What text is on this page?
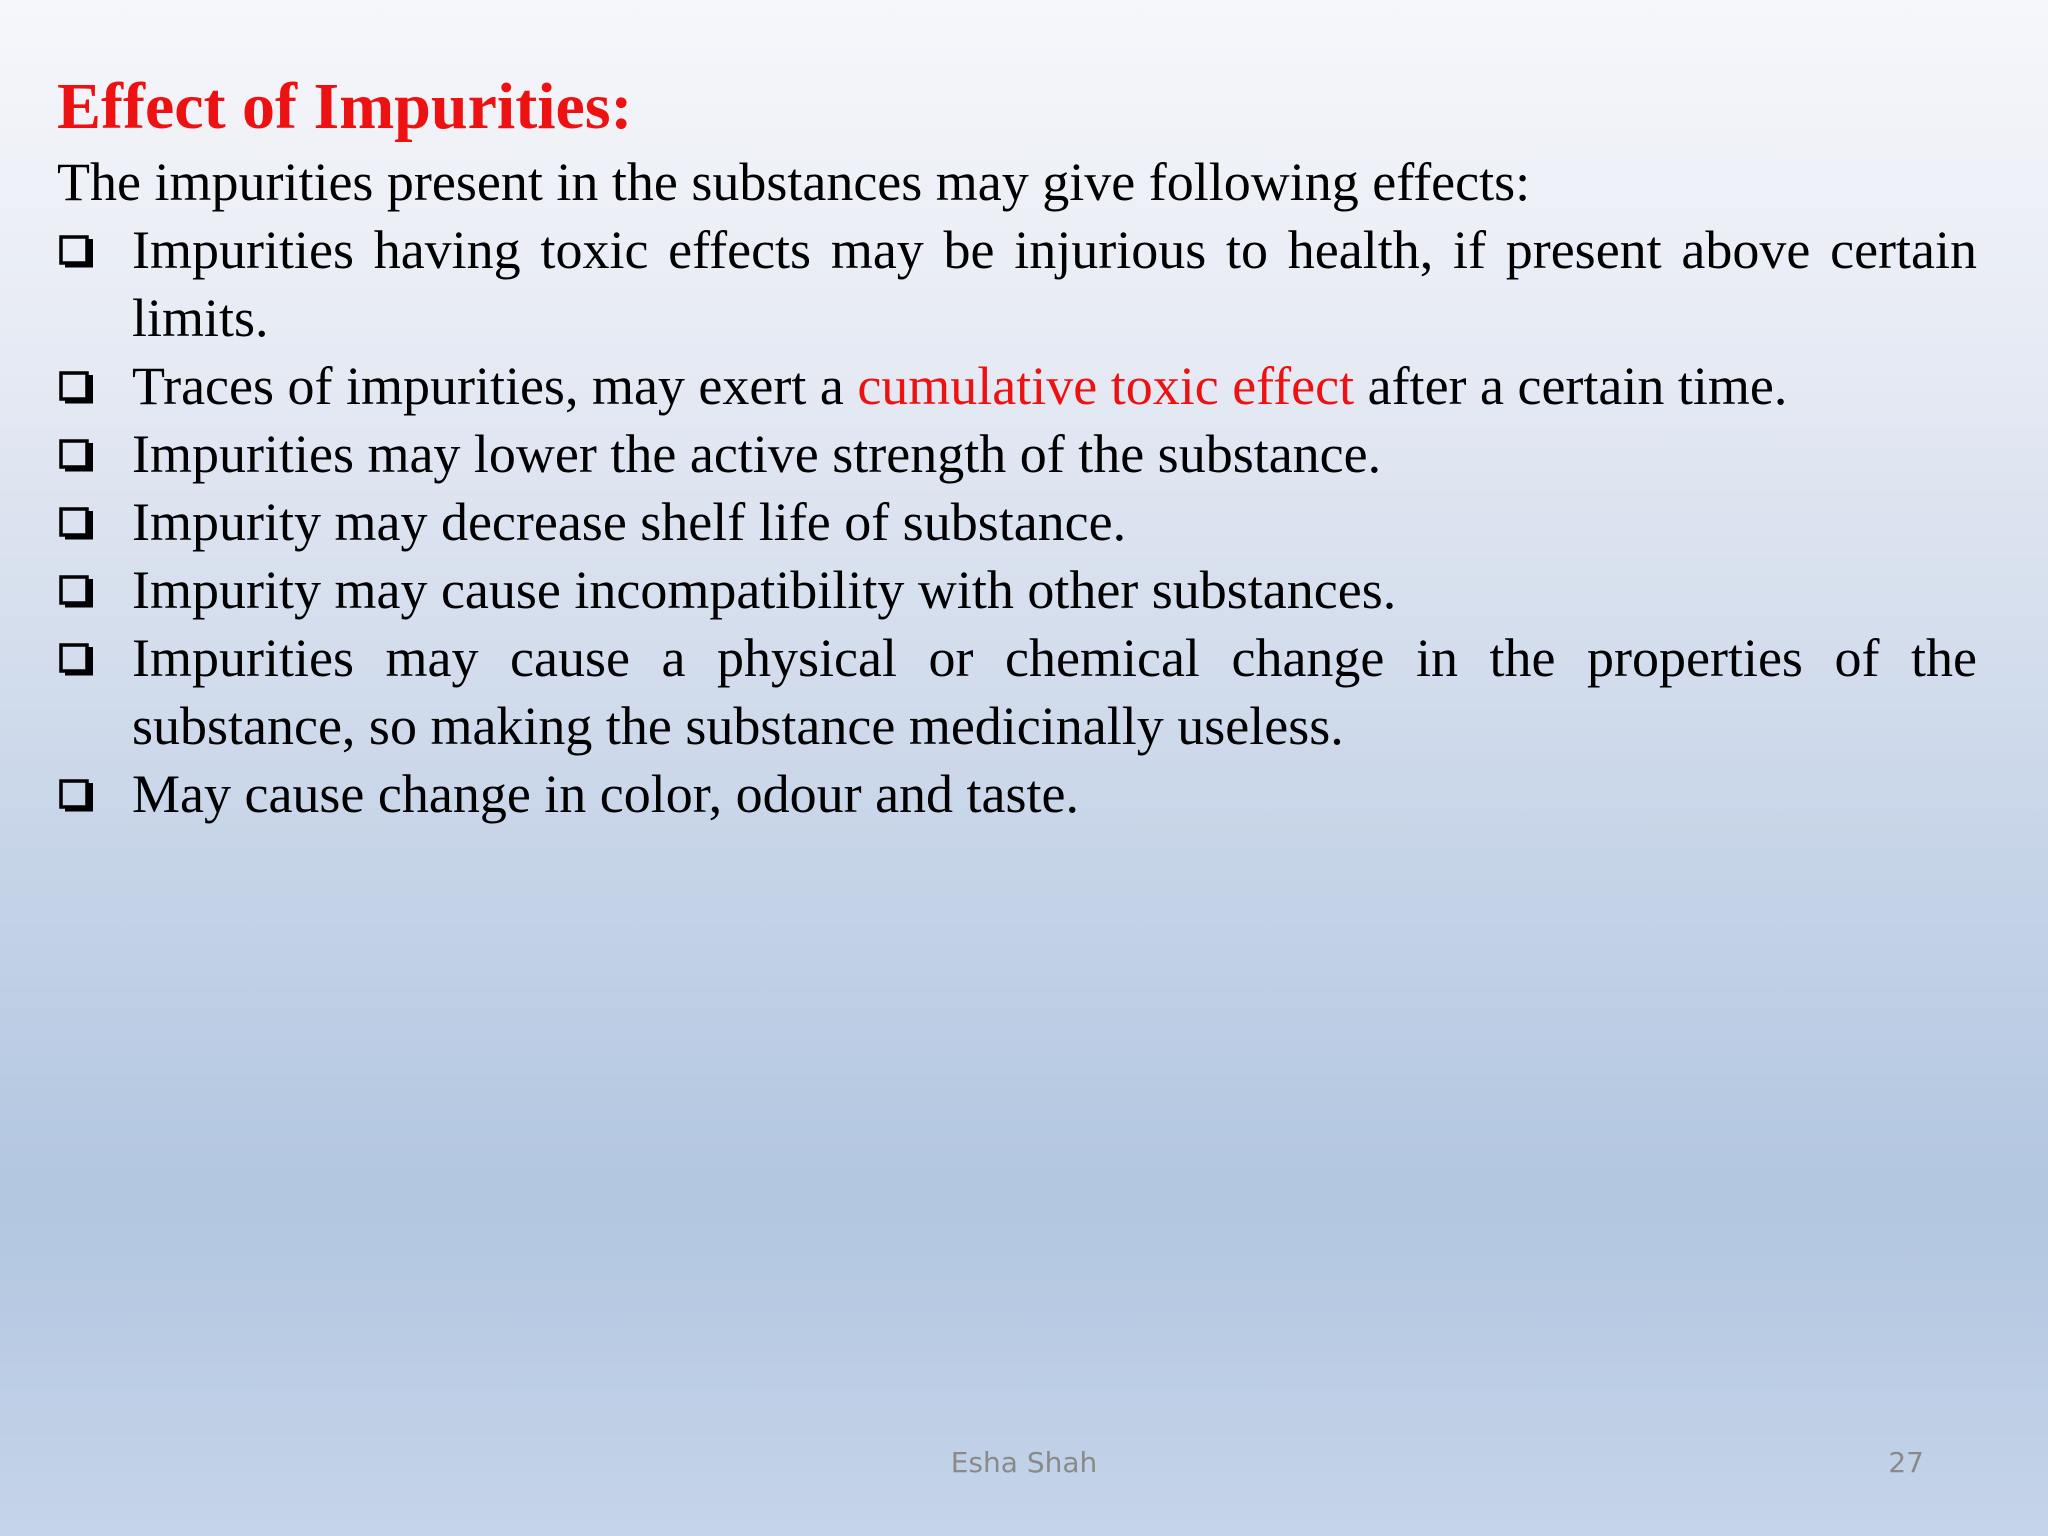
Effect of Impurities:

The impurities present in the substances may give following effects:

Impurities having toxic effects may be injurious to health, if present above certain limits.
Traces of impurities, may exert a cumulative toxic effect after a certain time.
Impurities may lower the active strength of the substance.
Impurity may decrease shelf life of substance.
Impurity may cause incompatibility with other substances.
Impurities may cause a physical or chemical change in the properties of the substance, so making the substance medicinally useless.
May cause change in color, odour and taste.
Esha Shah	27
